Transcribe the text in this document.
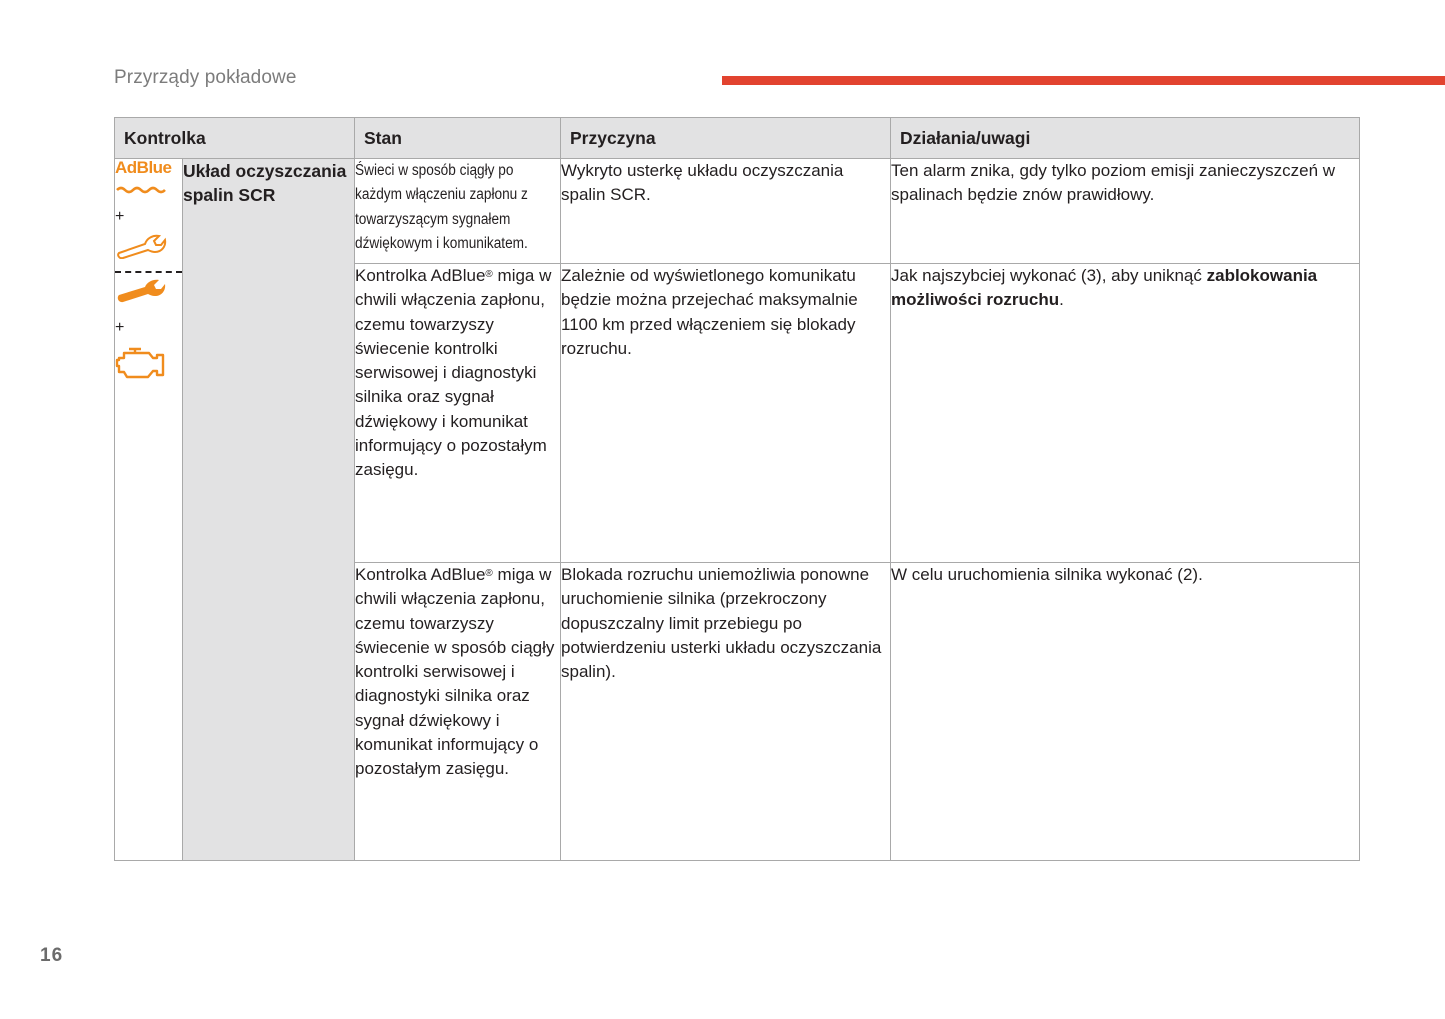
Przyrządy pokładowe
Kontrolka		Stan	Przyczyna	Działania/uwagi

AdBlue
+
+	Układ oczyszczania spalin SCR	Świeci w sposób ciągły po każdym włączeniu zapłonu z towarzyszącym sygnałem dźwiękowym i komunikatem.	Wykryto usterkę układu oczyszczania spalin SCR.	Ten alarm znika, gdy tylko poziom emisji zanieczyszczeń w spalinach będzie znów prawidłowy.
		Kontrolka AdBlue® miga w chwili włączenia zapłonu, czemu towarzyszy świecenie kontrolki serwisowej i diagnostyki silnika oraz sygnał dźwiękowy i komunikat informujący o pozostałym zasięgu.	Zależnie od wyświetlonego komunikatu będzie można przejechać maksymalnie 1100 km przed włączeniem się blokady rozruchu.	Jak najszybciej wykonać (3), aby uniknąć zablokowania możliwości rozruchu.
		Kontrolka AdBlue® miga w chwili włączenia zapłonu, czemu towarzyszy świecenie w sposób ciągły kontrolki serwisowej i diagnostyki silnika oraz sygnał dźwiękowy i komunikat informujący o pozostałym zasięgu.	Blokada rozruchu uniemożliwia ponowne uruchomienie silnika (przekroczony dopuszczalny limit przebiegu po potwierdzeniu usterki układu oczyszczania spalin).	W celu uruchomienia silnika wykonać (2).
16
